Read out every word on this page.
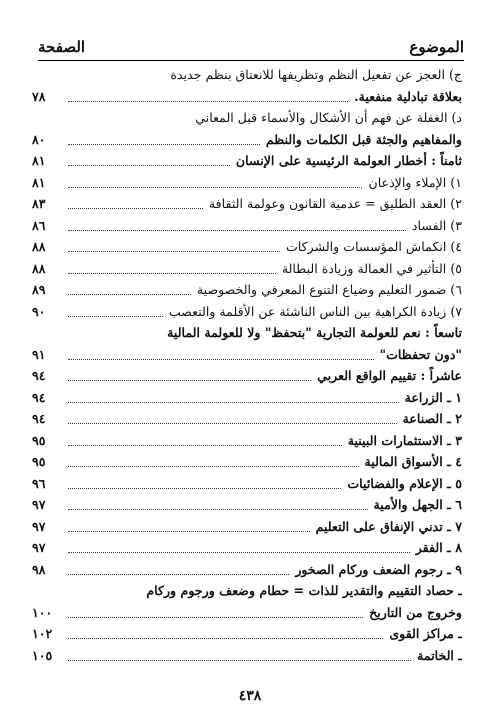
الموضوع
الصفحة
ج) العجز عن تفعيل النظم وتظريفها للانعتاق بنظم جديدة
بعلاقة تبادلية منفعية.
٧٨
د) الغفلة عن فهم أن الأشكال والأسماء قبل المعاني
والمفاهيم والجثة قبل الكلمات والنظم
٨٠
ثامناً : أخطار العولمة الرئيسية على الإنسان
٨١
١) الإملاء والإذعان
٨١
٢) العقد الطليق = عدمية القانون وعولمة الثقافة
٨٣
٣) الفساد
٨٦
٤) انكماش المؤسسات والشركات
٨٨
٥) التأثير في العمالة وزيادة البطالة
٨٨
٦) ضمور التعليم وضياع التنوع المعرفي والخصوصية
٨٩
٧) زيادة الكراهية بين الناس الناشئة عن الأقلمة والتعصب
٩٠
تاسعاً : نعم للعولمة التجارية "بتحفظ" ولا للعولمة المالية
"دون تحفظات"
٩١
عاشراً : تقييم الواقع العربي
٩٤
١ ـ الزراعة
٩٤
٢ ـ الصناعة
٩٤
٣ ـ الاستثمارات البينية
٩٥
٤ ـ الأسواق المالية
٩٥
٥ ـ الإعلام والفضائيات
٩٦
٦ ـ الجهل والأمية
٩٧
٧ ـ تدني الإنفاق على التعليم
٩٧
٨ ـ الفقر
٩٧
٩ ـ رجوم الضعف وركام الصخور
٩٨
ـ حصاد التقييم والتقدير للذات = حطام وضعف ورجوم وركام
وخروج من التاريخ
١٠٠
ـ مراكز القوى
١٠٢
ـ الخاتمة
١٠٥
٤٣٨
